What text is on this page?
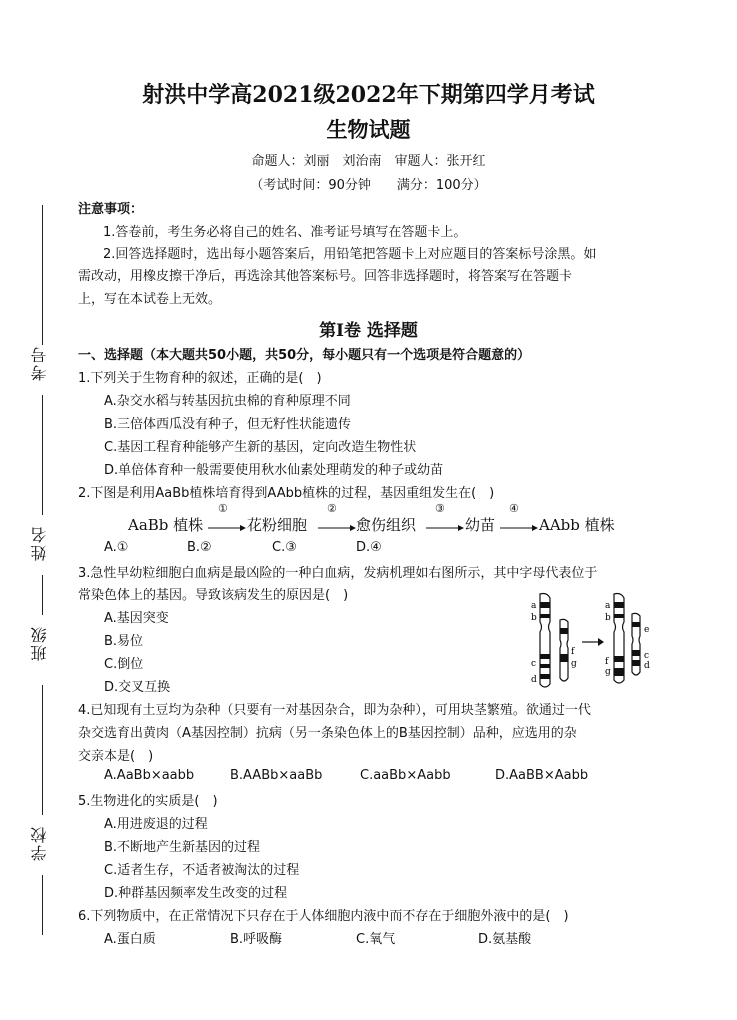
射洪中学高2021级2022年下期第四学月考试
生物试题
命题人：刘丽　刘治南　审题人：张开红
（考试时间：90分钟　　满分：100分）
考号
姓名
班级
学校
注意事项：
1.答卷前，考生务必将自己的姓名、准考证号填写在答题卡上。
2.回答选择题时，选出每小题答案后，用铅笔把答题卡上对应题目的答案标号涂黑。如
需改动，用橡皮擦干净后，再选涂其他答案标号。回答非选择题时，将答案写在答题卡
上，写在本试卷上无效。
第Ⅰ卷 选择题
一、选择题（本大题共50小题，共50分，每小题只有一个选项是符合题意的）
1.下列关于生物育种的叙述，正确的是(　)
A.杂交水稻与转基因抗虫棉的育种原理不同
B.三倍体西瓜没有种子，但无籽性状能遗传
C.基因工程育种能够产生新的基因，定向改造生物性状
D.单倍体育种一般需要使用秋水仙素处理萌发的种子或幼苗
2.下图是利用AaBb植株培育得到AAbb植株的过程，基因重组发生在(　)
AaBb 植株
①
花粉细胞
②
愈伤组织
③
幼苗
④
AAbb 植株
A.①	B.②	C.③	D.④
3.急性早幼粒细胞白血病是最凶险的一种白血病，发病机理如右图所示，其中字母代表位于
常染色体上的基因。导致该病发生的原因是(　)
A.基因突变
B.易位
C.倒位
D.交叉互换
a
b
c
d
f
g
a
b
f
g
e
c
d
4.已知现有土豆均为杂种（只要有一对基因杂合，即为杂种），可用块茎繁殖。欲通过一代
杂交选育出黄肉（A基因控制）抗病（另一条染色体上的B基因控制）品种，应选用的杂
交亲本是(　)
A.AaBb×aabb	B.AABb×aaBb	C.aaBb×Aabb	D.AaBB×Aabb
5.生物进化的实质是(　)
A.用进废退的过程
B.不断地产生新基因的过程
C.适者生存，不适者被淘汰的过程
D.种群基因频率发生改变的过程
6.下列物质中，在正常情况下只存在于人体细胞内液中而不存在于细胞外液中的是(　)
A.蛋白质	B.呼吸酶	C.氧气	D.氨基酸
